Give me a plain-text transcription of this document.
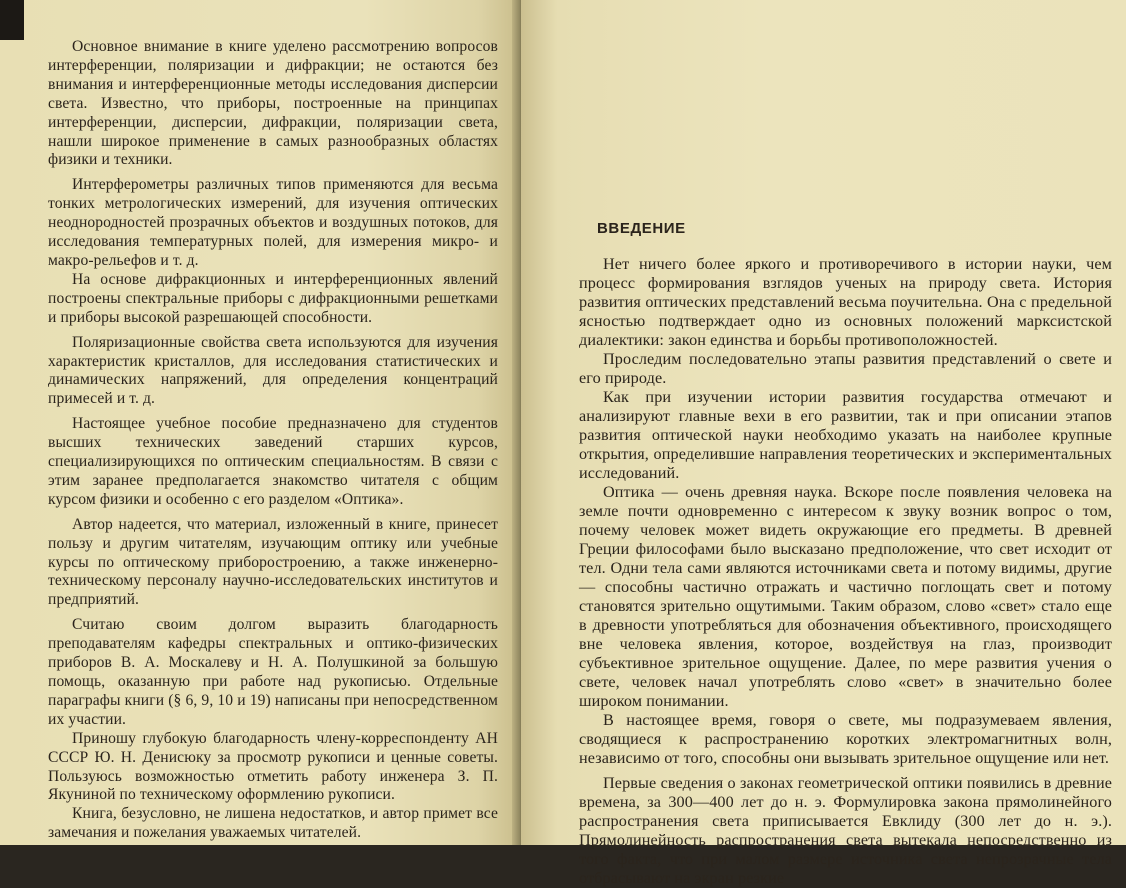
Основное внимание в книге уделено рассмотрению вопросов интерференции, поляризации и дифракции; не остаются без внимания и интерференционные методы исследования дисперсии света. Известно, что приборы, построенные на принципах интерференции, дисперсии, дифракции, поляризации света, нашли широкое применение в самых разнообразных областях физики и техники.

Интерферометры различных типов применяются для весьма тонких метрологических измерений, для изучения оптических неоднородностей прозрачных объектов и воздушных потоков, для исследования температурных полей, для измерения микро- и макро-рельефов и т. д.

На основе дифракционных и интерференционных явлений построены спектральные приборы с дифракционными решетками и приборы высокой разрешающей способности.

Поляризационные свойства света используются для изучения характеристик кристаллов, для исследования статистических и динамических напряжений, для определения концентраций примесей и т. д.

Настоящее учебное пособие предназначено для студентов высших технических заведений старших курсов, специализирующихся по оптическим специальностям. В связи с этим заранее предполагается знакомство читателя с общим курсом физики и особенно с его разделом «Оптика».

Автор надеется, что материал, изложенный в книге, принесет пользу и другим читателям, изучающим оптику или учебные курсы по оптическому приборостроению, а также инженерно-техническому персоналу научно-исследовательских институтов и предприятий.

Считаю своим долгом выразить благодарность преподавателям кафедры спектральных и оптико-физических приборов В. А. Москалеву и Н. А. Полушкиной за большую помощь, оказанную при работе над рукописью. Отдельные параграфы книги (§ 6, 9, 10 и 19) написаны при непосредственном их участии.

Приношу глубокую благодарность члену-корреспонденту АН СССР Ю. Н. Денисюку за просмотр рукописи и ценные советы. Пользуюсь возможностью отметить работу инженера З. П. Якуниной по техническому оформлению рукописи.

Книга, безусловно, не лишена недостатков, и автор примет все замечания и пожелания уважаемых читателей.

ВВЕДЕНИЕ

Нет ничего более яркого и противоречивого в истории науки, чем процесс формирования взглядов ученых на природу света. История развития оптических представлений весьма поучительна. Она с предельной ясностью подтверждает одно из основных положений марксистской диалектики: закон единства и борьбы противоположностей.

Проследим последовательно этапы развития представлений о свете и его природе.

Как при изучении истории развития государства отмечают и анализируют главные вехи в его развитии, так и при описании этапов развития оптической науки необходимо указать на наиболее крупные открытия, определившие направления теоретических и экспериментальных исследований.

Оптика — очень древняя наука. Вскоре после появления человека на земле почти одновременно с интересом к звуку возник вопрос о том, почему человек может видеть окружающие его предметы. В древней Греции философами было высказано предположение, что свет исходит от тел. Одни тела сами являются источниками света и потому видимы, другие — способны частично отражать и частично поглощать свет и потому становятся зрительно ощутимыми. Таким образом, слово «свет» стало еще в древности употребляться для обозначения объективного, происходящего вне человека явления, которое, воздействуя на глаз, производит субъективное зрительное ощущение. Далее, по мере развития учения о свете, человек начал употреблять слово «свет» в значительно более широком понимании.

В настоящее время, говоря о свете, мы подразумеваем явления, сводящиеся к распространению коротких электромагнитных волн, независимо от того, способны они вызывать зрительное ощущение или нет.

Первые сведения о законах геометрической оптики появились в древние времена, за 300—400 лет до н. э. Формулировка закона прямолинейного распространения света приписывается Евклиду (300 лет до н. э.). Прямолинейность распространения света вытекала непосредственно из того факта, что при малом размере источника света непрозрачные тела отбрасывают на экран резкие
